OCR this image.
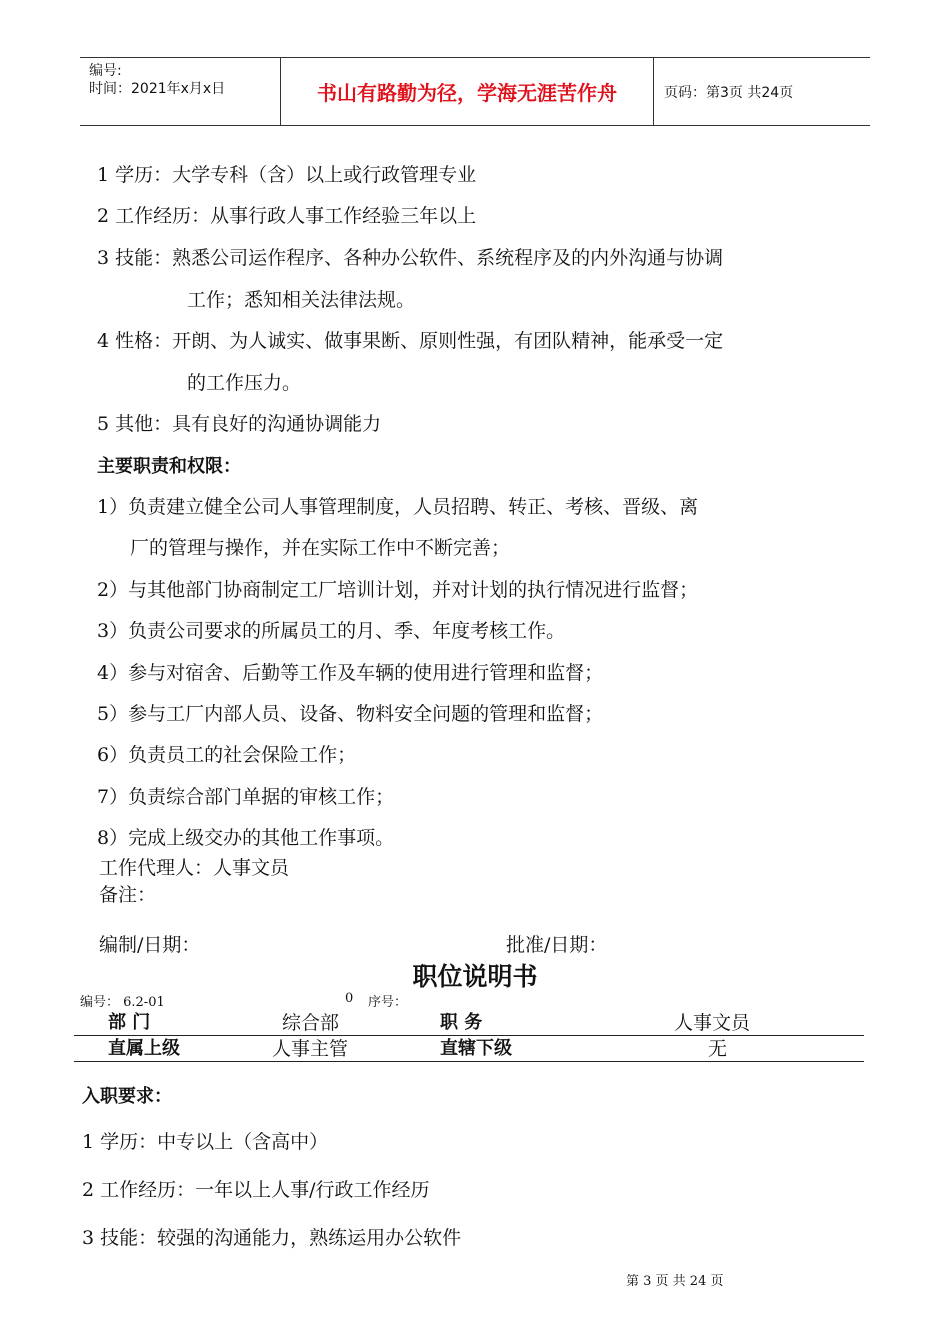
编号:
时间：2021年x月x日	书山有路勤为径，学海无涯苦作舟	页码：第3页 共24页
1 学历：大学专科（含）以上或行政管理专业
2 工作经历：从事行政人事工作经验三年以上
3 技能：熟悉公司运作程序、各种办公软件、系统程序及的内外沟通与协调
工作；悉知相关法律法规。
4 性格：开朗、为人诚实、做事果断、原则性强，有团队精神，能承受一定
的工作压力。
5 其他：具有良好的沟通协调能力
主要职责和权限：
1）负责建立健全公司人事管理制度，人员招聘、转正、考核、晋级、离
厂的管理与操作，并在实际工作中不断完善；
2）与其他部门协商制定工厂培训计划，并对计划的执行情况进行监督；
3）负责公司要求的所属员工的月、季、年度考核工作。
4）参与对宿舍、后勤等工作及车辆的使用进行管理和监督；
5）参与工厂内部人员、设备、物料安全问题的管理和监督；
6）负责员工的社会保险工作；
7）负责综合部门单据的审核工作；
8）完成上级交办的其他工作事项。
工作代理人：人事文员
备注：
编制/日期：	批准/日期：
职位说明书
编号： 6.2-01	0 序号：
部 门	综合部	职 务	人事文员
直属上级	人事主管	直辖下级	无
入职要求：
1 学历：中专以上（含高中）
2 工作经历：一年以上人事/行政工作经历
3 技能：较强的沟通能力，熟练运用办公软件
第 3 页 共 24 页
